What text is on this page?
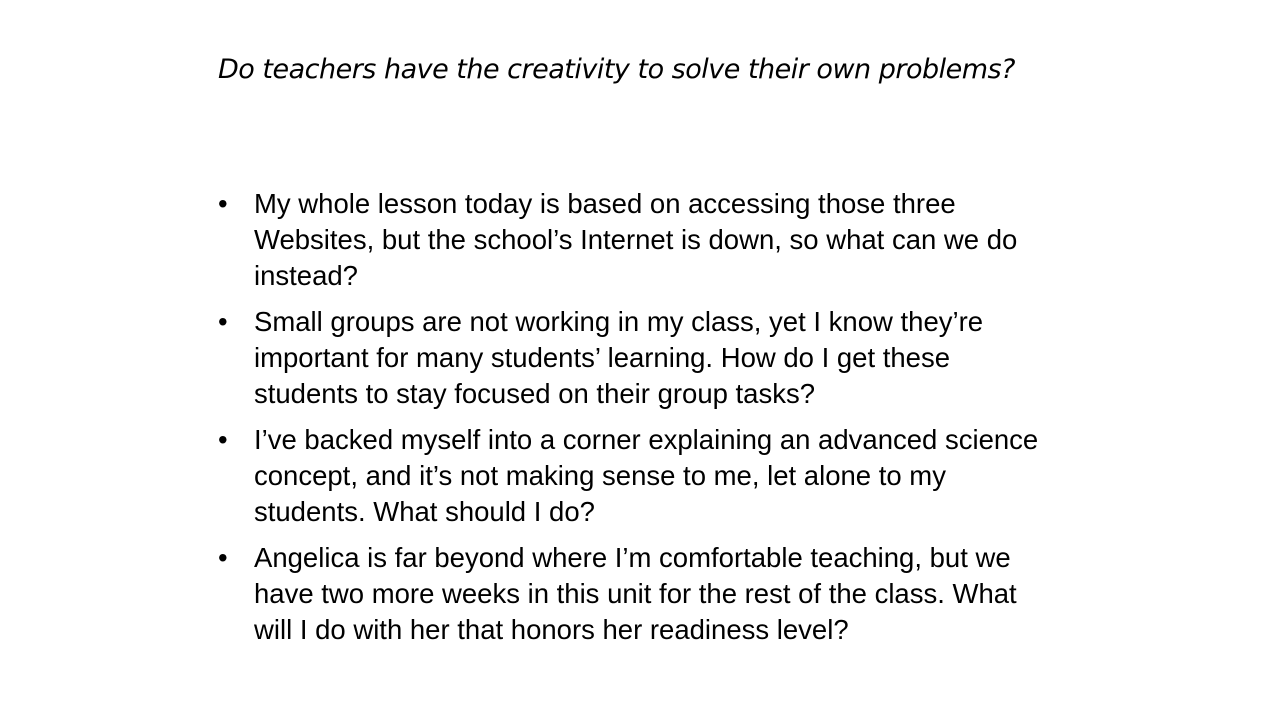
Do teachers have the creativity to solve their own problems?
• My whole lesson today is based on accessing those three Websites, but the school’s Internet is down, so what can we do instead?
• Small groups are not working in my class, yet I know they’re important for many students’ learning. How do I get these students to stay focused on their group tasks?
• I’ve backed myself into a corner explaining an advanced science concept, and it’s not making sense to me, let alone to my students. What should I do?
• Angelica is far beyond where I’m comfortable teaching, but we have two more weeks in this unit for the rest of the class. What will I do with her that honors her readiness level?
